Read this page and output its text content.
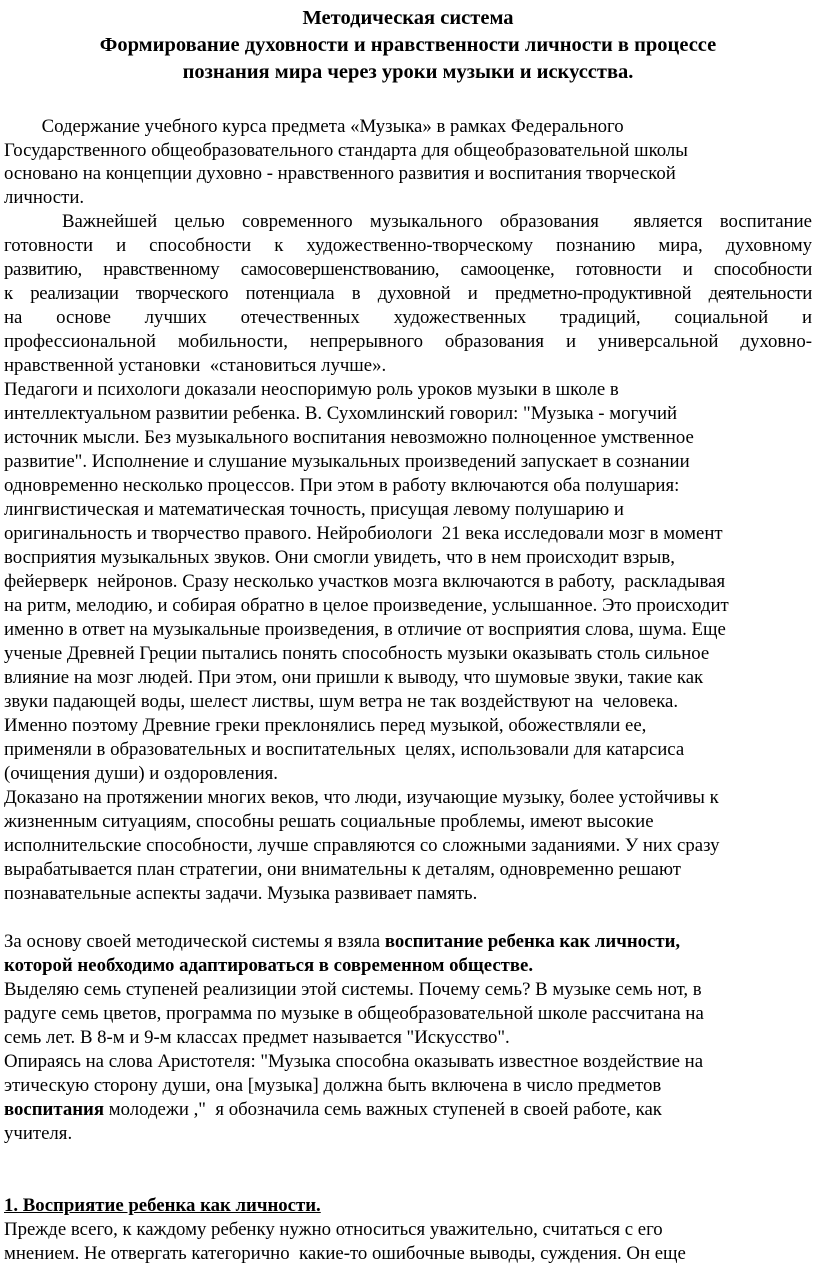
Методическая система
Формирование духовности и нравственности личности в процессе
познания мира через уроки музыки и искусства.

Содержание учебного курса предмета «Музыка» в рамках Федерального

Государственного общеобразовательного стандарта для общеобразовательной школы

основано на концепции духовно - нравственного развития и воспитания творческой

личности.

Важнейшей целью современного музыкального образования  является воспитание

готовности и способности к художественно-творческому познанию мира, духовному

развитию, нравственному самосовершенствованию, самооценке, готовности и способности

к реализации творческого потенциала в духовной и предметно-продуктивной деятельности

на основе лучших отечественных художественных традиций, социальной и

профессиональной мобильности, непрерывного образования и универсальной духовно-

нравственной установки  «становиться лучше».

Педагоги и психологи доказали неоспоримую роль уроков музыки в школе в

интеллектуальном развитии ребенка. В. Сухомлинский говорил: "Музыка - могучий

источник мысли. Без музыкального воспитания невозможно полноценное умственное

развитие". Исполнение и слушание музыкальных произведений запускает в сознании

одновременно несколько процессов. При этом в работу включаются оба полушария:

лингвистическая и математическая точность, присущая левому полушарию и

оригинальность и творчество правого. Нейробиологи  21 века исследовали мозг в момент

восприятия музыкальных звуков. Они смогли увидеть, что в нем происходит взрыв,

фейерверк  нейронов. Сразу несколько участков мозга включаются в работу,  раскладывая

на ритм, мелодию, и собирая обратно в целое произведение, услышанное. Это происходит

именно в ответ на музыкальные произведения, в отличие от восприятия слова, шума. Еще

ученые Древней Греции пытались понять способность музыки оказывать столь сильное

влияние на мозг людей. При этом, они пришли к выводу, что шумовые звуки, такие как

звуки падающей воды, шелест листвы, шум ветра не так воздействуют на  человека.

Именно поэтому Древние греки преклонялись перед музыкой, обожествляли ее,

применяли в образовательных и воспитательных  целях, использовали для катарсиса

(очищения души) и оздоровления.

Доказано на протяжении многих веков, что люди, изучающие музыку, более устойчивы к

жизненным ситуациям, способны решать социальные проблемы, имеют высокие

исполнительские способности, лучше справляются со сложными заданиями. У них сразу

вырабатывается план стратегии, они внимательны к деталям, одновременно решают

познавательные аспекты задачи. Музыка развивает память.

За основу своей методической системы я взяла воспитание ребенка как личности,

которой необходимо адаптироваться в современном обществе.

Выделяю семь ступеней реализиции этой системы. Почему семь? В музыке семь нот, в

радуге семь цветов, программа по музыке в общеобразовательной школе рассчитана на

семь лет. В 8-м и 9-м классах предмет называется "Искусство".

Опираясь на слова Аристотеля: "Музыка способна оказывать известное воздействие на

этическую сторону души, она [музыка] должна быть включена в число предметов

воспитания молодежи ,"  я обозначила семь важных ступеней в своей работе, как

учителя.

1. Восприятие ребенка как личности.

Прежде всего, к каждому ребенку нужно относиться уважительно, считаться с его

мнением. Не отвергать категорично  какие-то ошибочные выводы, суждения. Он еще
